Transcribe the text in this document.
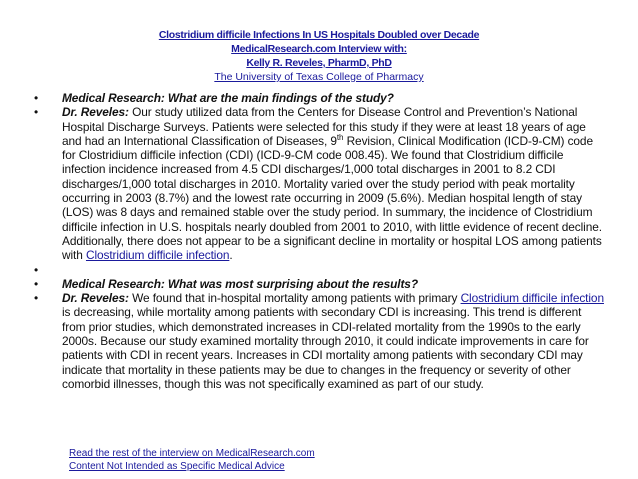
Clostridium difficile Infections In US Hospitals Doubled over Decade
MedicalResearch.com Interview with:
Kelly R. Reveles, PharmD, PhD
The University of Texas College of Pharmacy
• Medical Research: What are the main findings of the study?
• Dr. Reveles: Our study utilized data from the Centers for Disease Control and Prevention’s National Hospital Discharge Surveys. Patients were selected for this study if they were at least 18 years of age and had an International Classification of Diseases, 9th Revision, Clinical Modification (ICD-9-CM) code for Clostridium difficile infection (CDI) (ICD-9-CM code 008.45). We found that Clostridium difficile infection incidence increased from 4.5 CDI discharges/1,000 total discharges in 2001 to 8.2 CDI discharges/1,000 total discharges in 2010. Mortality varied over the study period with peak mortality occurring in 2003 (8.7%) and the lowest rate occurring in 2009 (5.6%). Median hospital length of stay (LOS) was 8 days and remained stable over the study period. In summary, the incidence of Clostridium difficile infection in U.S. hospitals nearly doubled from 2001 to 2010, with little evidence of recent decline. Additionally, there does not appear to be a significant decline in mortality or hospital LOS among patients with Clostridium difficile infection.
•
• Medical Research: What was most surprising about the results?
• Dr. Reveles: We found that in-hospital mortality among patients with primary Clostridium difficile infection is decreasing, while mortality among patients with secondary CDI is increasing. This trend is different from prior studies, which demonstrated increases in CDI-related mortality from the 1990s to the early 2000s. Because our study examined mortality through 2010, it could indicate improvements in care for patients with CDI in recent years. Increases in CDI mortality among patients with secondary CDI may indicate that mortality in these patients may be due to changes in the frequency or severity of other comorbid illnesses, though this was not specifically examined as part of our study.
Read the rest of the interview on MedicalResearch.com
Content Not Intended as Specific Medical Advice
